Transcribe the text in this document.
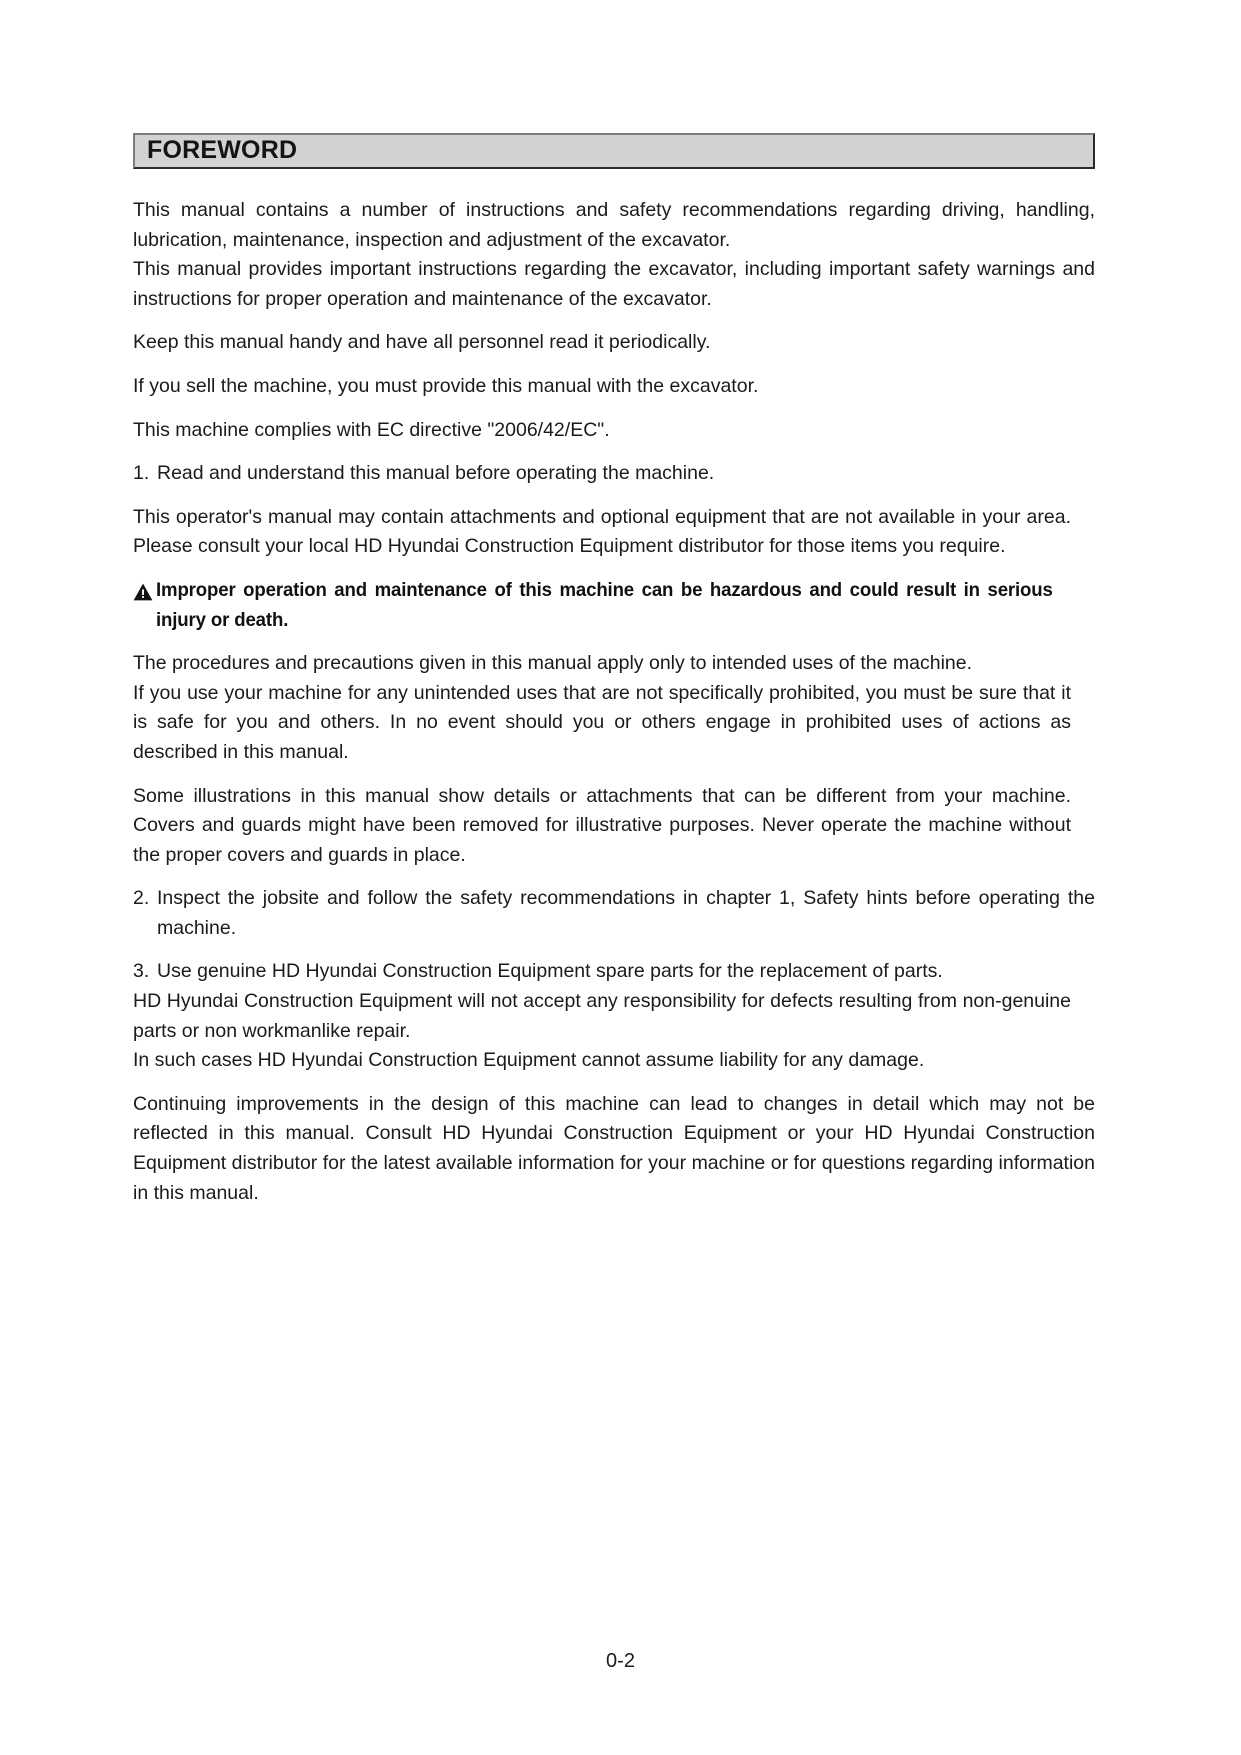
FOREWORD

This manual contains a number of instructions and safety recommendations regarding driving, handling, lubrication, maintenance, inspection and adjustment of the excavator.

This manual provides important instructions regarding the excavator, including important safety warnings and instructions for proper operation and maintenance of the excavator.

Keep this manual handy and have all personnel read it periodically.

If you sell the machine, you must provide this manual with the excavator.

This machine complies with EC directive "2006/42/EC".

1. Read and understand this manual before operating the machine.

This operator's manual may contain attachments and optional equipment that are not available in your area. Please consult your local HD Hyundai Construction Equipment distributor for those items you require.

Improper operation and maintenance of this machine can be hazardous and could result in serious injury or death.

The procedures and precautions given in this manual apply only to intended uses of the machine.

If you use your machine for any unintended uses that are not specifically prohibited, you must be sure that it is safe for you and others. In no event should you or others engage in prohibited uses of actions as described in this manual.

Some illustrations in this manual show details or attachments that can be different from your machine. Covers and guards might have been removed for illustrative purposes. Never operate the machine without the proper covers and guards in place.

2. Inspect the jobsite and follow the safety recommendations in chapter 1, Safety hints before operating the machine.
3. Use genuine HD Hyundai Construction Equipment spare parts for the replacement of parts.

HD Hyundai Construction Equipment will not accept any responsibility for defects resulting from non-genuine parts or non workmanlike repair.

In such cases HD Hyundai Construction Equipment cannot assume liability for any damage.

Continuing improvements in the design of this machine can lead to changes in detail which may not be reflected in this manual. Consult HD Hyundai Construction Equipment or your HD Hyundai Construction Equipment distributor for the latest available information for your machine or for questions regarding information in this manual.

0-2
